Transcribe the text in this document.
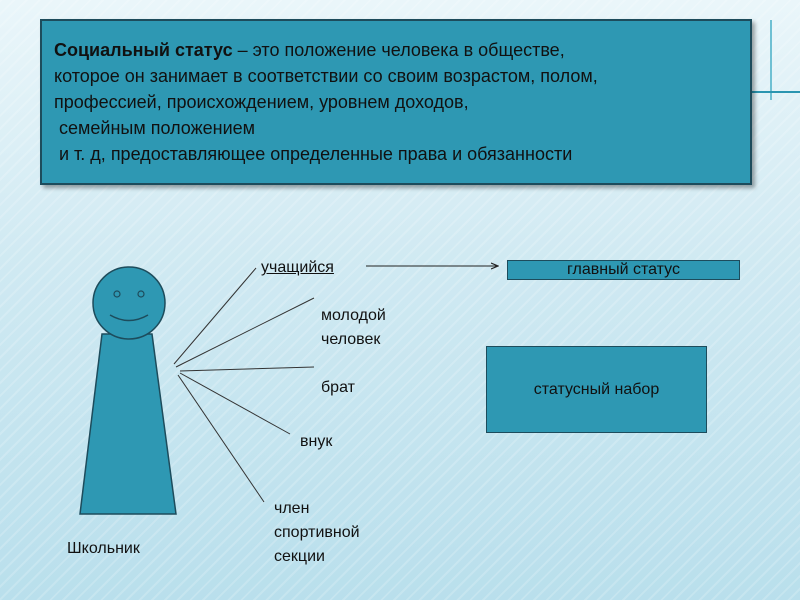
Социальный статус – это положение человека в обществе,
которое он занимает в соответствии со своим возрастом, полом,
профессией, происхождением, уровнем доходов,
семейным положением
и т. д, предоставляющее определенные права и обязанности
учащийся
молодой
человек
брат
внук
член
спортивной
секции
Школьник
главный статус
статусный набор
